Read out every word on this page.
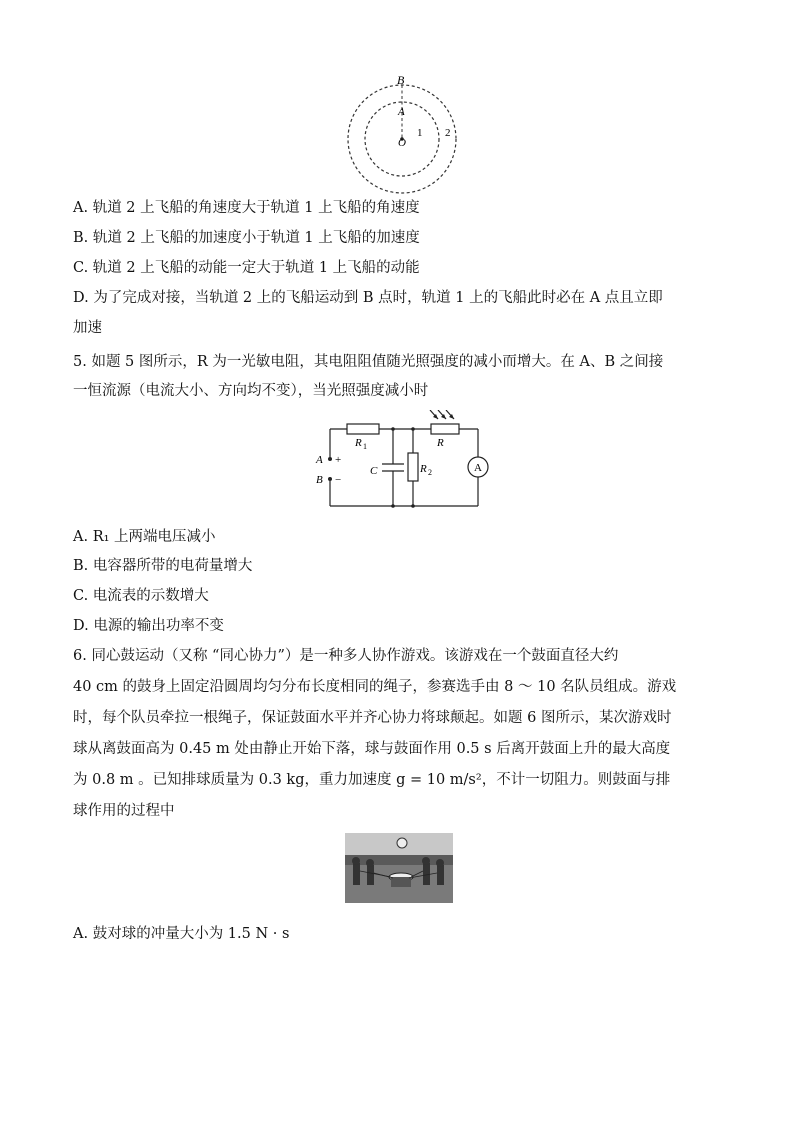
B
A
O
1 2
A. 轨道 2 上飞船的角速度大于轨道 1 上飞船的角速度
B. 轨道 2 上飞船的加速度小于轨道 1 上飞船的加速度
C. 轨道 2 上飞船的动能一定大于轨道 1 上飞船的动能
D. 为了完成对接，当轨道 2 上的飞船运动到 B 点时，轨道 1 上的飞船此时必在 A 点且立即
加速
5. 如题 5 图所示，R 为一光敏电阻，其电阻阻值随光照强度的减小而增大。在 A、B 之间接
一恒流源（电流大小、方向均不变），当光照强度减小时
R 1	R
C	R 2	A
A
B
+
−
A. R₁ 上两端电压减小
B. 电容器所带的电荷量增大
C. 电流表的示数增大
D. 电源的输出功率不变
6. 同心鼓运动（又称 “同心协力”）是一种多人协作游戏。该游戏在一个鼓面直径大约
40 cm 的鼓身上固定沿圆周均匀分布长度相同的绳子，参赛选手由 8 ～ 10 名队员组成。游戏
时，每个队员牵拉一根绳子，保证鼓面水平并齐心协力将球颠起。如题 6 图所示，某次游戏时
球从离鼓面高为 0.45 m 处由静止开始下落，球与鼓面作用 0.5 s 后离开鼓面上升的最大高度
为 0.8 m 。已知排球质量为 0.3 kg，重力加速度 g = 10 m/s²，不计一切阻力。则鼓面与排
球作用的过程中
A. 鼓对球的冲量大小为 1.5 N · s
